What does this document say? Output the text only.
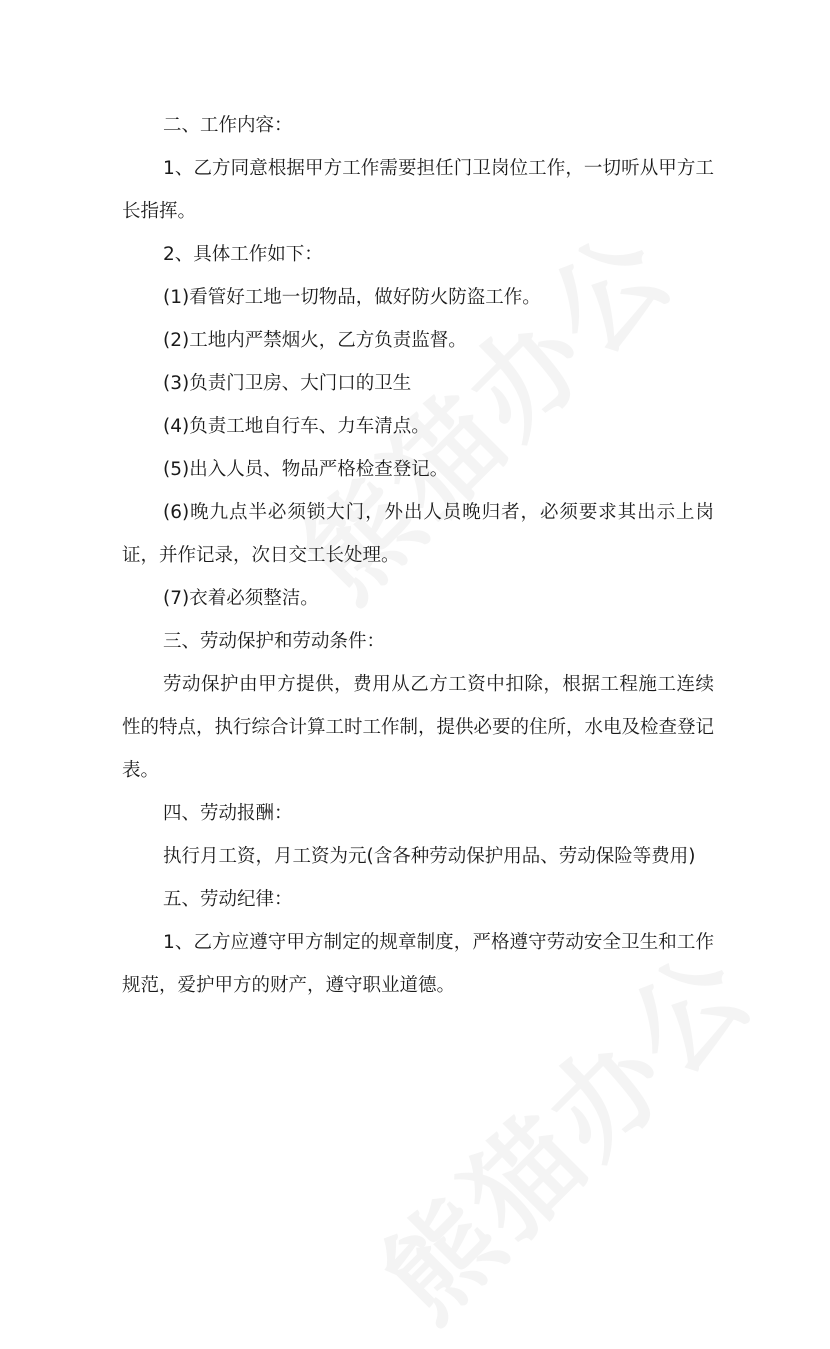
二、工作内容：

1、乙方同意根据甲方工作需要担任门卫岗位工作，一切听从甲方工长指挥。

2、具体工作如下：

(1)看管好工地一切物品，做好防火防盗工作。

(2)工地内严禁烟火，乙方负责监督。

(3)负责门卫房、大门口的卫生

(4)负责工地自行车、力车清点。

(5)出入人员、物品严格检查登记。

(6)晚九点半必须锁大门，外出人员晚归者，必须要求其出示上岗证，并作记录，次日交工长处理。

(7)衣着必须整洁。

三、劳动保护和劳动条件：

劳动保护由甲方提供，费用从乙方工资中扣除，根据工程施工连续性的特点，执行综合计算工时工作制，提供必要的住所，水电及检查登记表。

四、劳动报酬：

执行月工资，月工资为元(含各种劳动保护用品、劳动保险等费用)

五、劳动纪律：

1、乙方应遵守甲方制定的规章制度，严格遵守劳动安全卫生和工作规范，爱护甲方的财产，遵守职业道德。
